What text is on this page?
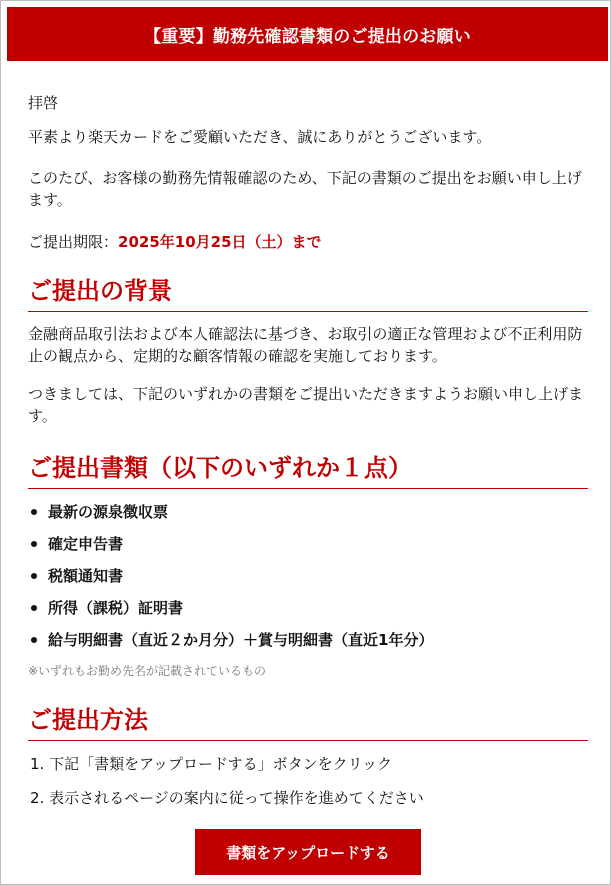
【重要】勤務先確認書類のご提出のお願い

拝啓

平素より楽天カードをご愛顧いただき、誠にありがとうございます。

このたび、お客様の勤務先情報確認のため、下記の書類のご提出をお願い申し上げます。

ご提出期限：2025年10月25日（土）まで

ご提出の背景

金融商品取引法および本人確認法に基づき、お取引の適正な管理および不正利用防止の観点から、定期的な顧客情報の確認を実施しております。

つきましては、下記のいずれかの書類をご提出いただきますようお願い申し上げます。

ご提出書類（以下のいずれか１点）
最新の源泉徴収票
確定申告書
税額通知書
所得（課税）証明書
給与明細書（直近２か月分）＋賞与明細書（直近1年分）
※いずれもお勤め先名が記載されているもの
ご提出方法
1. 下記「書類をアップロードする」ボタンをクリック
2. 表示されるページの案内に従って操作を進めてください
書類をアップロードする
